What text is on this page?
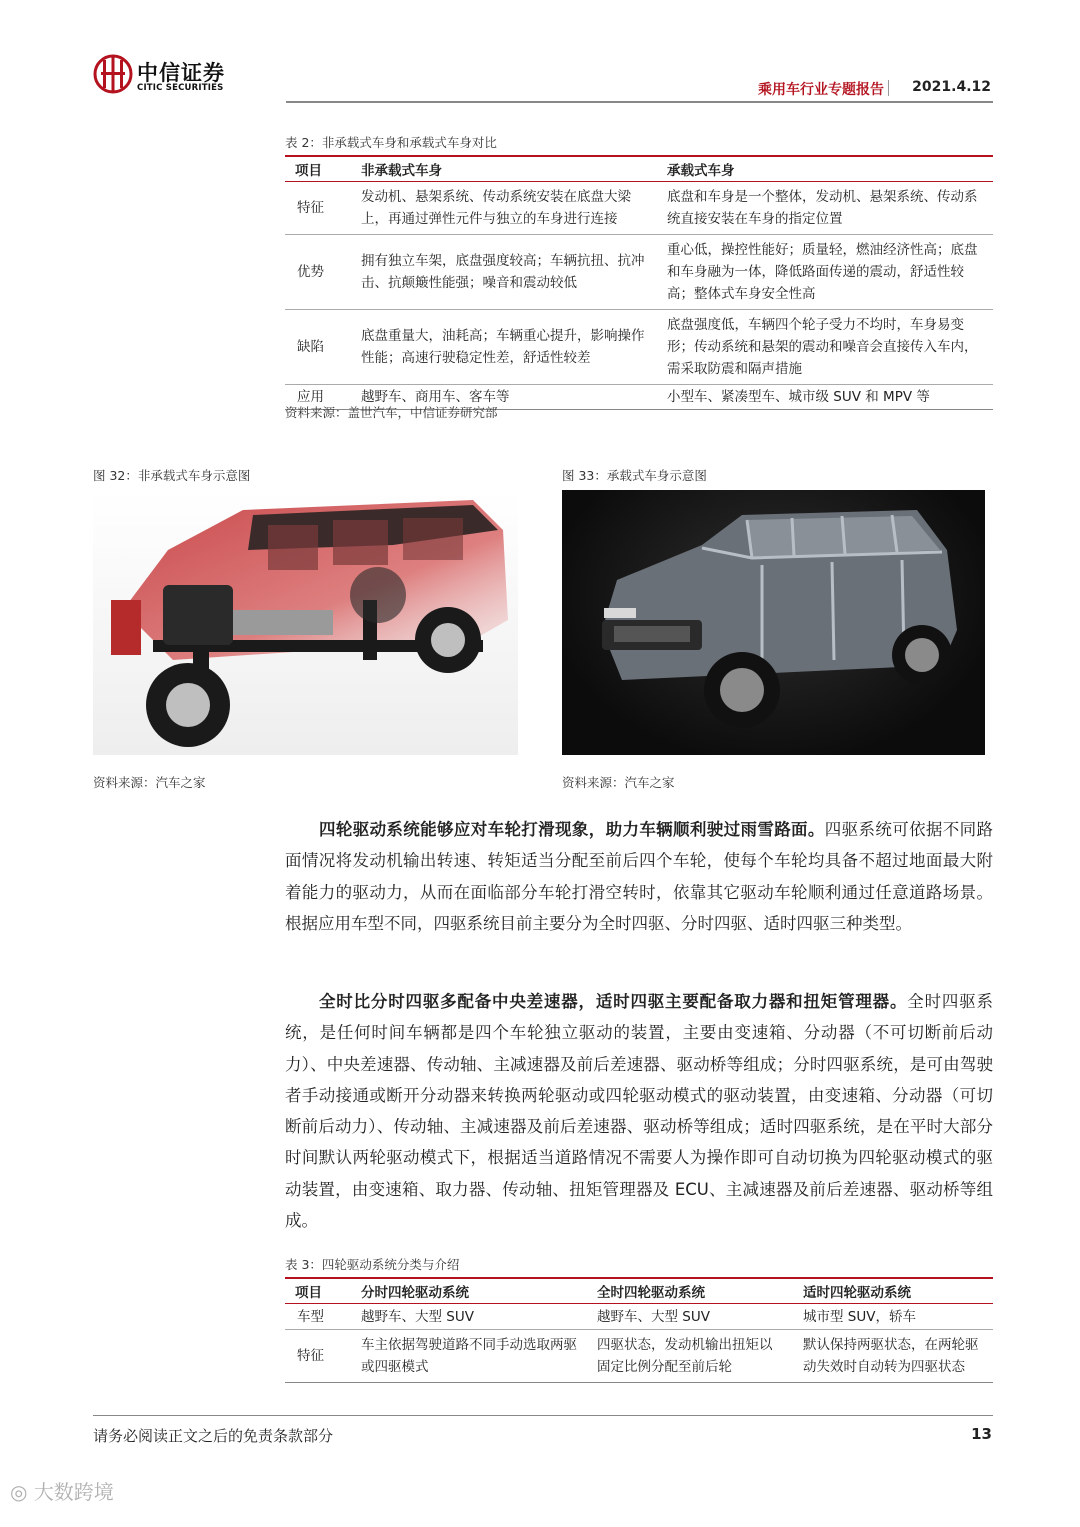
中信证券
CITIC SECURITIES	乘用车行业专题报告 2021.4.12
表 2：非承载式车身和承载式车身对比
项目	非承载式车身	承载式车身
特征	发动机、悬架系统、传动系统安装在底盘大梁上，再通过弹性元件与独立的车身进行连接	底盘和车身是一个整体，发动机、悬架系统、传动系统直接安装在车身的指定位置
优势	拥有独立车架，底盘强度较高；车辆抗扭、抗冲击、抗颠簸性能强；噪音和震动较低	重心低，操控性能好；质量轻，燃油经济性高；底盘和车身融为一体，降低路面传递的震动，舒适性较高；整体式车身安全性高
缺陷	底盘重量大，油耗高；车辆重心提升，影响操作性能；高速行驶稳定性差，舒适性较差	底盘强度低，车辆四个轮子受力不均时，车身易变形；传动系统和悬架的震动和噪音会直接传入车内，需采取防震和隔声措施
应用	越野车、商用车、客车等	小型车、紧凑型车、城市级 SUV 和 MPV 等
资料来源：盖世汽车，中信证券研究部
图 32：非承载式车身示意图
资料来源：汽车之家
图 33：承载式车身示意图
资料来源：汽车之家
四轮驱动系统能够应对车轮打滑现象，助力车辆顺利驶过雨雪路面。四驱系统可依据不同路面情况将发动机输出转速、转矩适当分配至前后四个车轮，使每个车轮均具备不超过地面最大附着能力的驱动力，从而在面临部分车轮打滑空转时，依靠其它驱动车轮顺利通过任意道路场景。根据应用车型不同，四驱系统目前主要分为全时四驱、分时四驱、适时四驱三种类型。
全时比分时四驱多配备中央差速器，适时四驱主要配备取力器和扭矩管理器。全时四驱系统，是任何时间车辆都是四个车轮独立驱动的装置，主要由变速箱、分动器（不可切断前后动力）、中央差速器、传动轴、主减速器及前后差速器、驱动桥等组成；分时四驱系统，是可由驾驶者手动接通或断开分动器来转换两轮驱动或四轮驱动模式的驱动装置，由变速箱、分动器（可切断前后动力）、传动轴、主减速器及前后差速器、驱动桥等组成；适时四驱系统，是在平时大部分时间默认两轮驱动模式下，根据适当道路情况不需要人为操作即可自动切换为四轮驱动模式的驱动装置，由变速箱、取力器、传动轴、扭矩管理器及 ECU、主减速器及前后差速器、驱动桥等组成。
表 3：四轮驱动系统分类与介绍
项目	分时四轮驱动系统	全时四轮驱动系统	适时四轮驱动系统
车型	越野车、大型 SUV	越野车、大型 SUV	城市型 SUV，轿车
特征	车主依据驾驶道路不同手动选取两驱或四驱模式	四驱状态，发动机输出扭矩以固定比例分配至前后轮	默认保持两驱状态，在两轮驱动失效时自动转为四驱状态
请务必阅读正文之后的免责条款部分	13
◎ 大数跨境
